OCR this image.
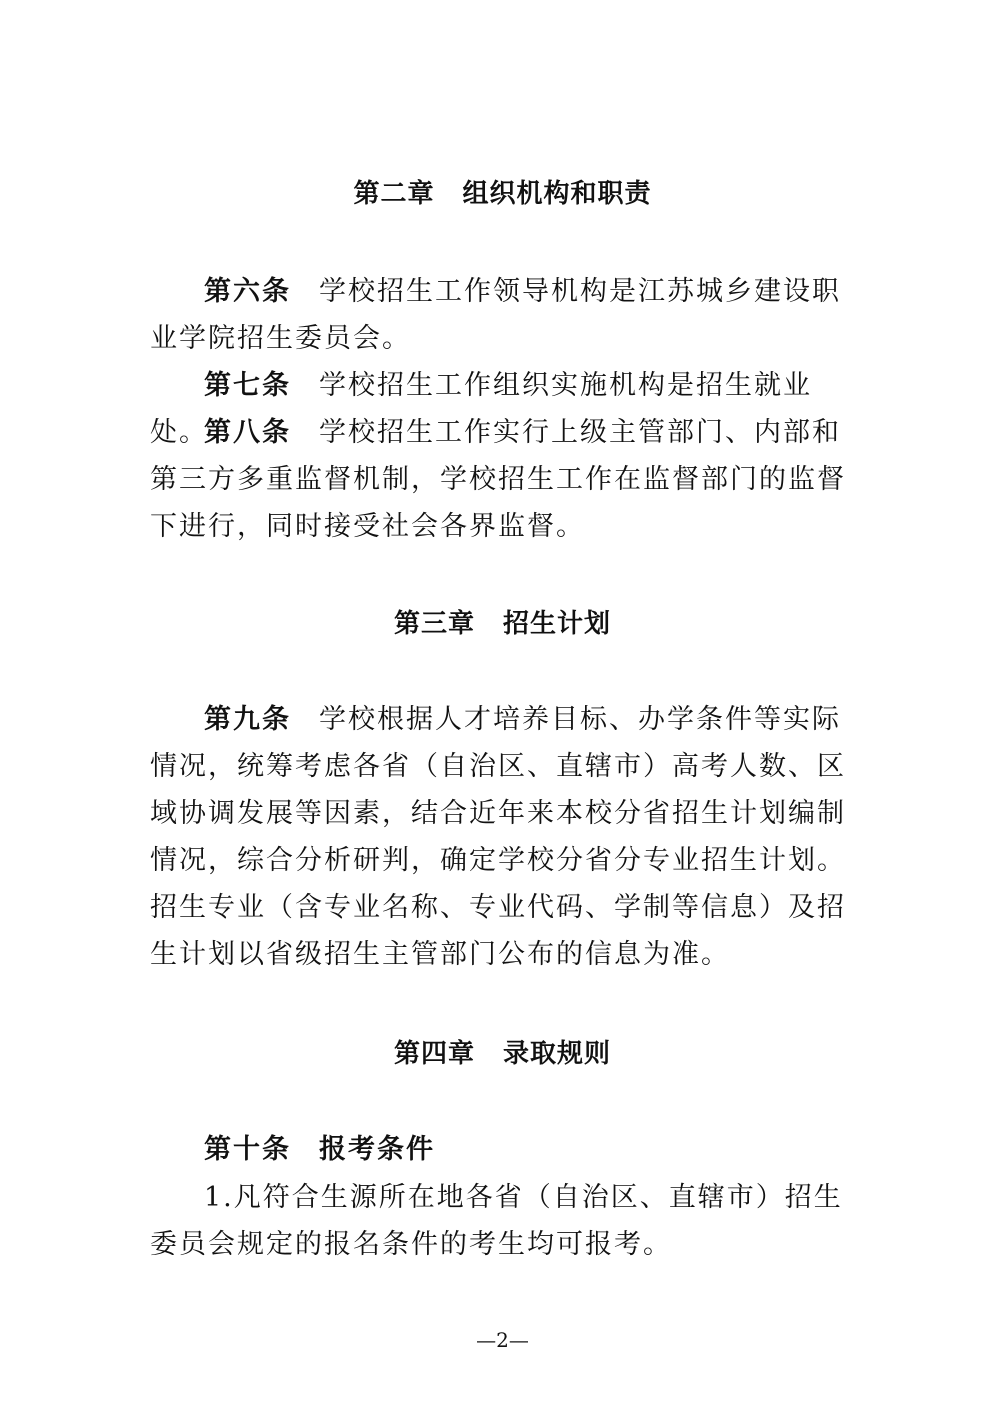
第二章 组织机构和职责

第六条 学校招生工作领导机构是江苏城乡建设职业学院招生委员会。

第七条 学校招生工作组织实施机构是招生就业处。

第八条 学校招生工作实行上级主管部门、内部和第三方多重监督机制，学校招生工作在监督部门的监督下进行，同时接受社会各界监督。

第三章 招生计划

第九条 学校根据人才培养目标、办学条件等实际情况，统筹考虑各省（自治区、直辖市）高考人数、区域协调发展等因素，结合近年来本校分省招生计划编制情况，综合分析研判，确定学校分省分专业招生计划。招生专业（含专业名称、专业代码、学制等信息）及招生计划以省级招生主管部门公布的信息为准。

第四章 录取规则

第十条 报考条件

1.凡符合生源所在地各省（自治区、直辖市）招生委员会规定的报名条件的考生均可报考。

—2—
